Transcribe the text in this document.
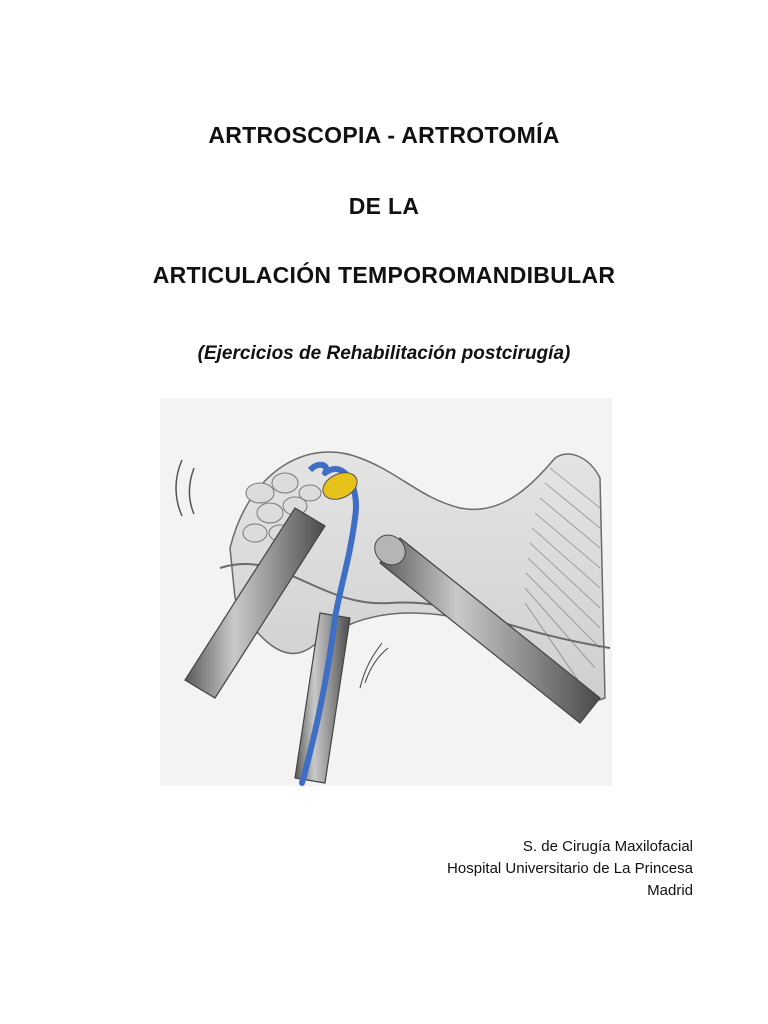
ARTROSCOPIA - ARTROTOMÍA
DE LA
ARTICULACIÓN TEMPOROMANDIBULAR

(Ejercicios de Rehabilitación postcirugía)

S. de Cirugía Maxilofacial
Hospital Universitario de La Princesa
Madrid
